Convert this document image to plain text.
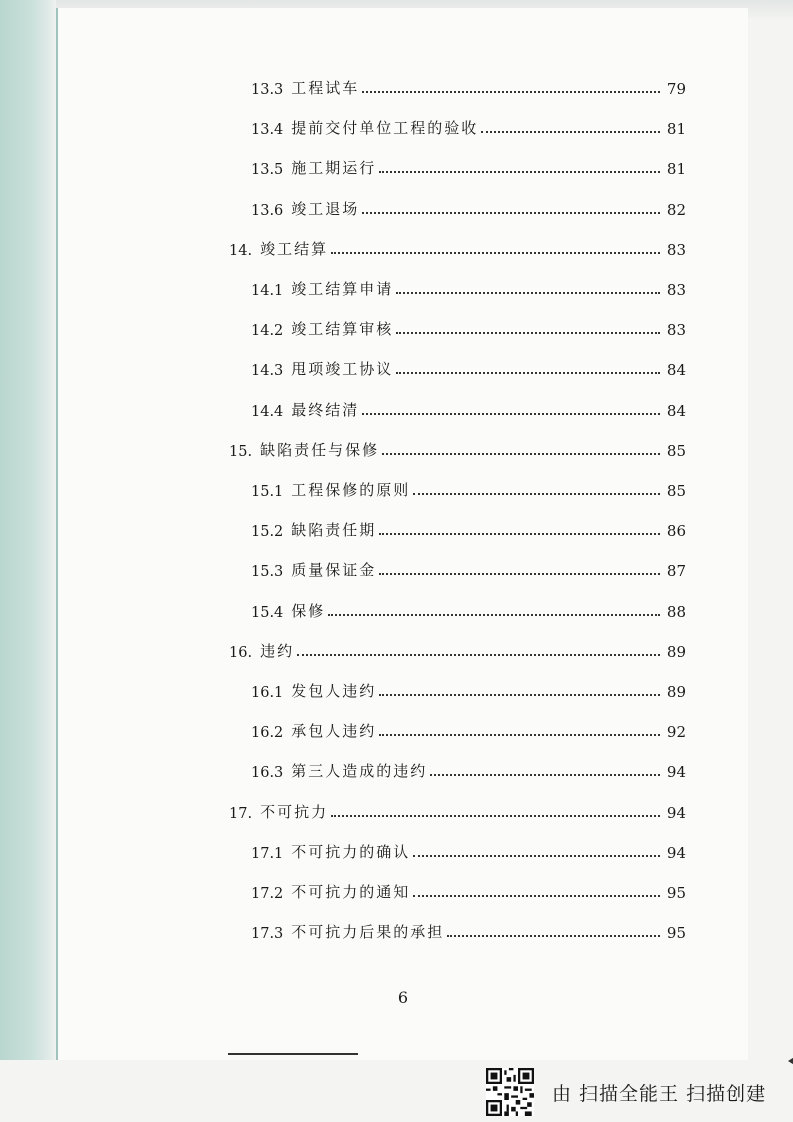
13.3 工程试车	79
13.4 提前交付单位工程的验收	81
13.5 施工期运行	81
13.6 竣工退场	82
14. 竣工结算	83
14.1 竣工结算申请	83
14.2 竣工结算审核	83
14.3 甩项竣工协议	84
14.4 最终结清	84
15. 缺陷责任与保修	85
15.1 工程保修的原则	85
15.2 缺陷责任期	86
15.3 质量保证金	87
15.4 保修	88
16. 违约	89
16.1 发包人违约	89
16.2 承包人违约	92
16.3 第三人造成的违约	94
17. 不可抗力	94
17.1 不可抗力的确认	94
17.2 不可抗力的通知	95
17.3 不可抗力后果的承担	95
6
由 扫描全能王 扫描创建
